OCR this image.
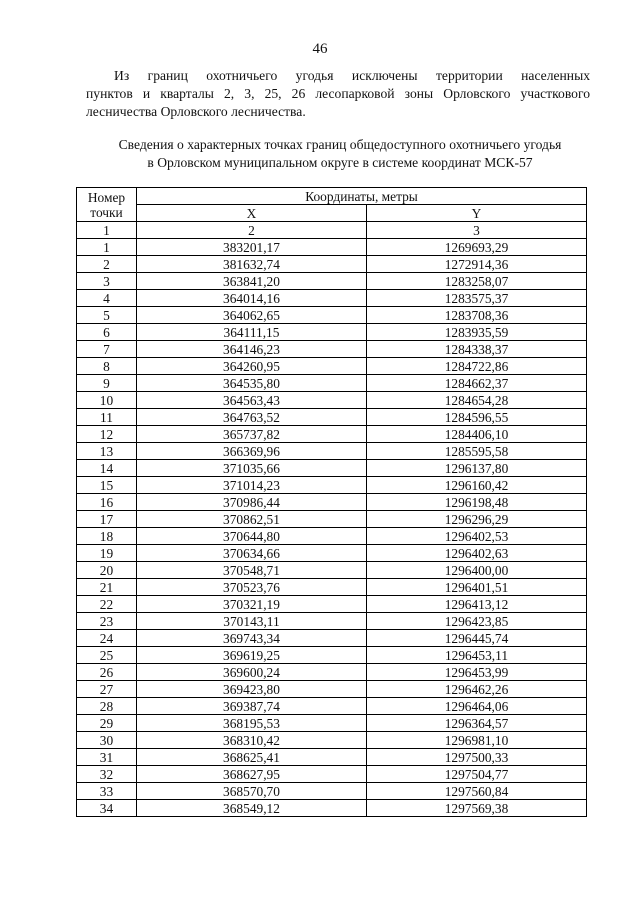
46
Из границ охотничьего угодья исключены территории населенных
пунктов и кварталы 2, 3, 25, 26 лесопарковой зоны Орловского участкового
лесничества Орловского лесничества.
Сведения о характерных точках границ общедоступного охотничьего угодья
в Орловском муниципальном округе в системе координат МСК-57
Номер
точки	Координаты, метры	
	X	Y
1	2	3
1	383201,17	1269693,29
2	381632,74	1272914,36
3	363841,20	1283258,07
4	364014,16	1283575,37
5	364062,65	1283708,36
6	364111,15	1283935,59
7	364146,23	1284338,37
8	364260,95	1284722,86
9	364535,80	1284662,37
10	364563,43	1284654,28
11	364763,52	1284596,55
12	365737,82	1284406,10
13	366369,96	1285595,58
14	371035,66	1296137,80
15	371014,23	1296160,42
16	370986,44	1296198,48
17	370862,51	1296296,29
18	370644,80	1296402,53
19	370634,66	1296402,63
20	370548,71	1296400,00
21	370523,76	1296401,51
22	370321,19	1296413,12
23	370143,11	1296423,85
24	369743,34	1296445,74
25	369619,25	1296453,11
26	369600,24	1296453,99
27	369423,80	1296462,26
28	369387,74	1296464,06
29	368195,53	1296364,57
30	368310,42	1296981,10
31	368625,41	1297500,33
32	368627,95	1297504,77
33	368570,70	1297560,84
34	368549,12	1297569,38
